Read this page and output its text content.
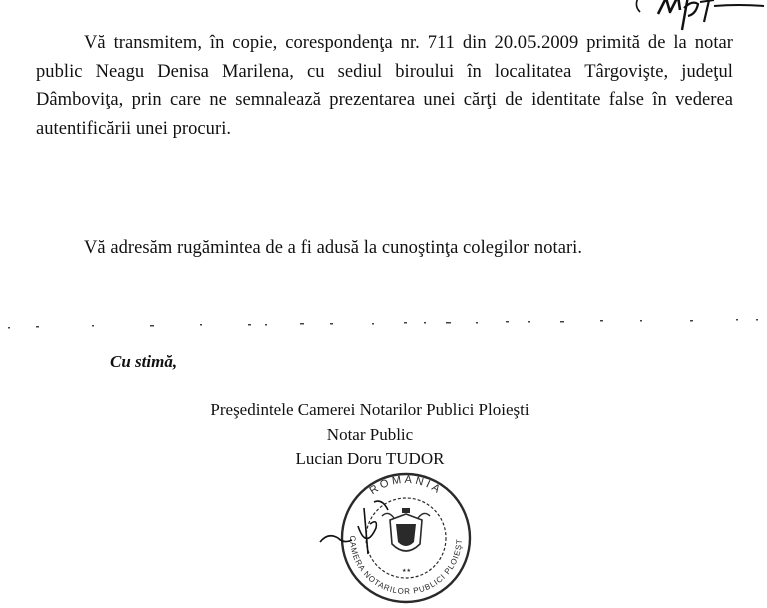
Vă transmitem, în copie, corespondenţa nr. 711 din 20.05.2009 primită de la notar public Neagu Denisa Marilena, cu sediul biroului în localitatea Târgovişte, judeţul Dâmboviţa, prin care ne semnalează prezentarea unei cărţi de identitate false în vederea autentificării unei procuri.

Vă adresăm rugămintea de a fi adusă la cunoştinţa colegilor notari.

Cu stimă,

Preşedintele Camerei Notarilor Publici Ploieşti
Notar Public
Lucian Doru TUDOR
ROMANIA
CAMERA NOTARILOR PUBLICI PLOIEŞT
★★
